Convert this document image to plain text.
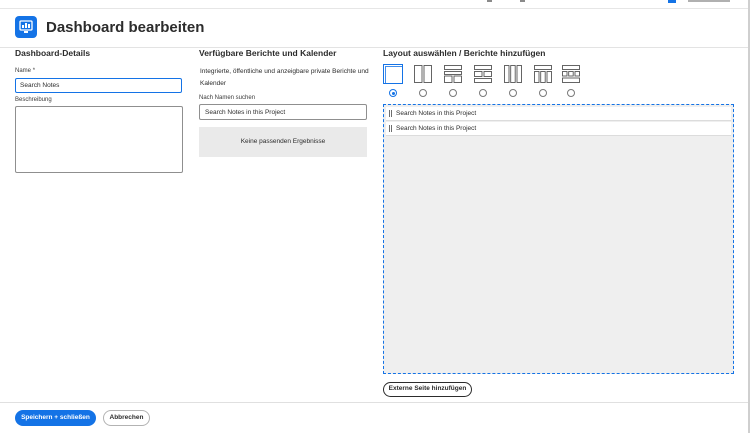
Dashboard bearbeiten
Dashboard-Details
Name *
Search Notes
Beschreibung
Verfügbare Berichte und Kalender
Integrierte, öffentliche und anzeigbare private Berichte und Kalender
Nach Namen suchen
Search Notes in this Project
Keine passenden Ergebnisse
Layout auswählen / Berichte hinzufügen
Search Notes in this Project
Search Notes in this Project
Externe Seite hinzufügen
Speichern + schließen	Abbrechen
